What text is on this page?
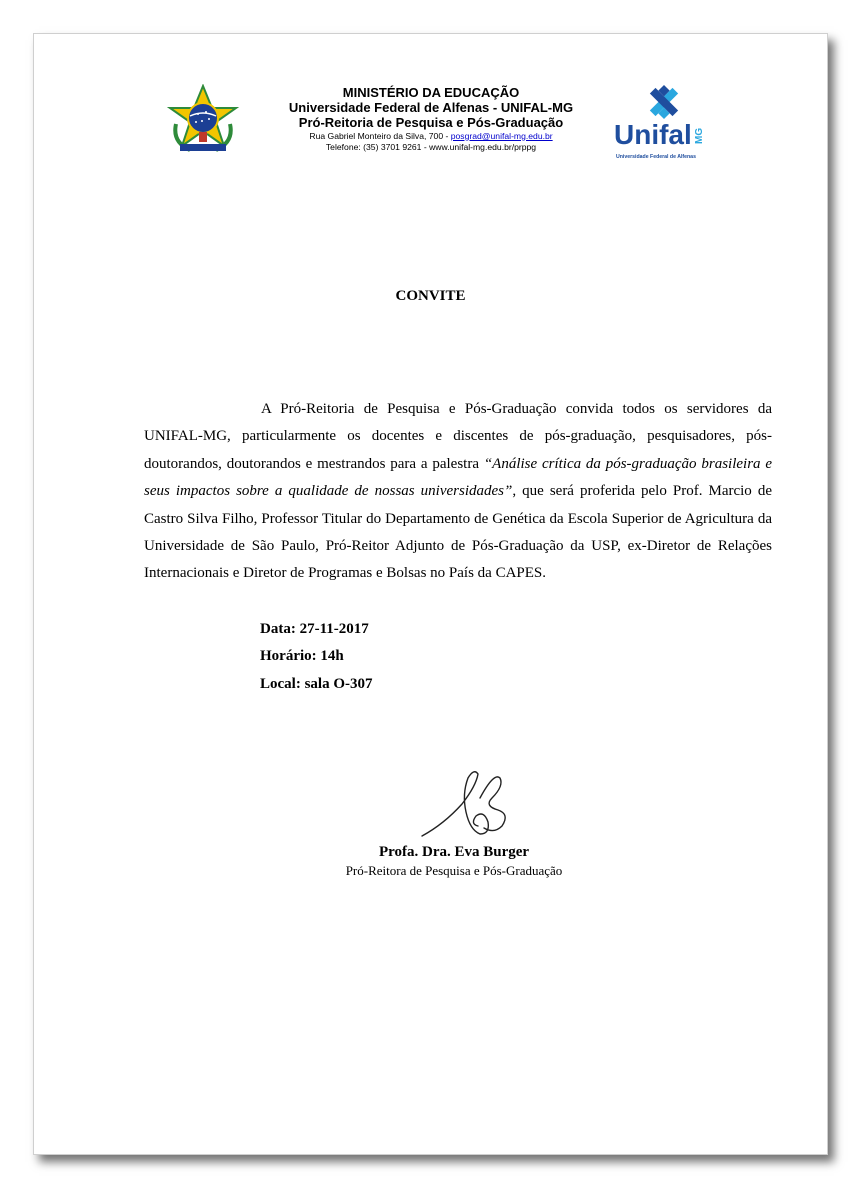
MINISTÉRIO DA EDUCAÇÃO
Universidade Federal de Alfenas - UNIFAL-MG
Pró-Reitoria de Pesquisa e Pós-Graduação
Rua Gabriel Monteiro da Silva, 700 - posgrad@unifal-mg.edu.br
Telefone: (35) 3701 9261 - www.unifal-mg.edu.br/prppg	Unifal MG
Universidade Federal de Alfenas
CONVITE

A Pró-Reitoria de Pesquisa e Pós-Graduação convida todos os servidores da UNIFAL-MG, particularmente os docentes e discentes de pós-graduação, pesquisadores, pós-doutorandos, doutorandos e mestrandos para a palestra “Análise crítica da pós-graduação brasileira e seus impactos sobre a qualidade de nossas universidades”, que será proferida pelo Prof. Marcio de Castro Silva Filho, Professor Titular do Departamento de Genética da Escola Superior de Agricultura da Universidade de São Paulo, Pró-Reitor Adjunto de Pós-Graduação da USP, ex-Diretor de Relações Internacionais e Diretor de Programas e Bolsas no País da CAPES.

Data: 27-11-2017
Horário: 14h
Local: sala O-307
Profa. Dra. Eva Burger
Pró-Reitora de Pesquisa e Pós-Graduação
